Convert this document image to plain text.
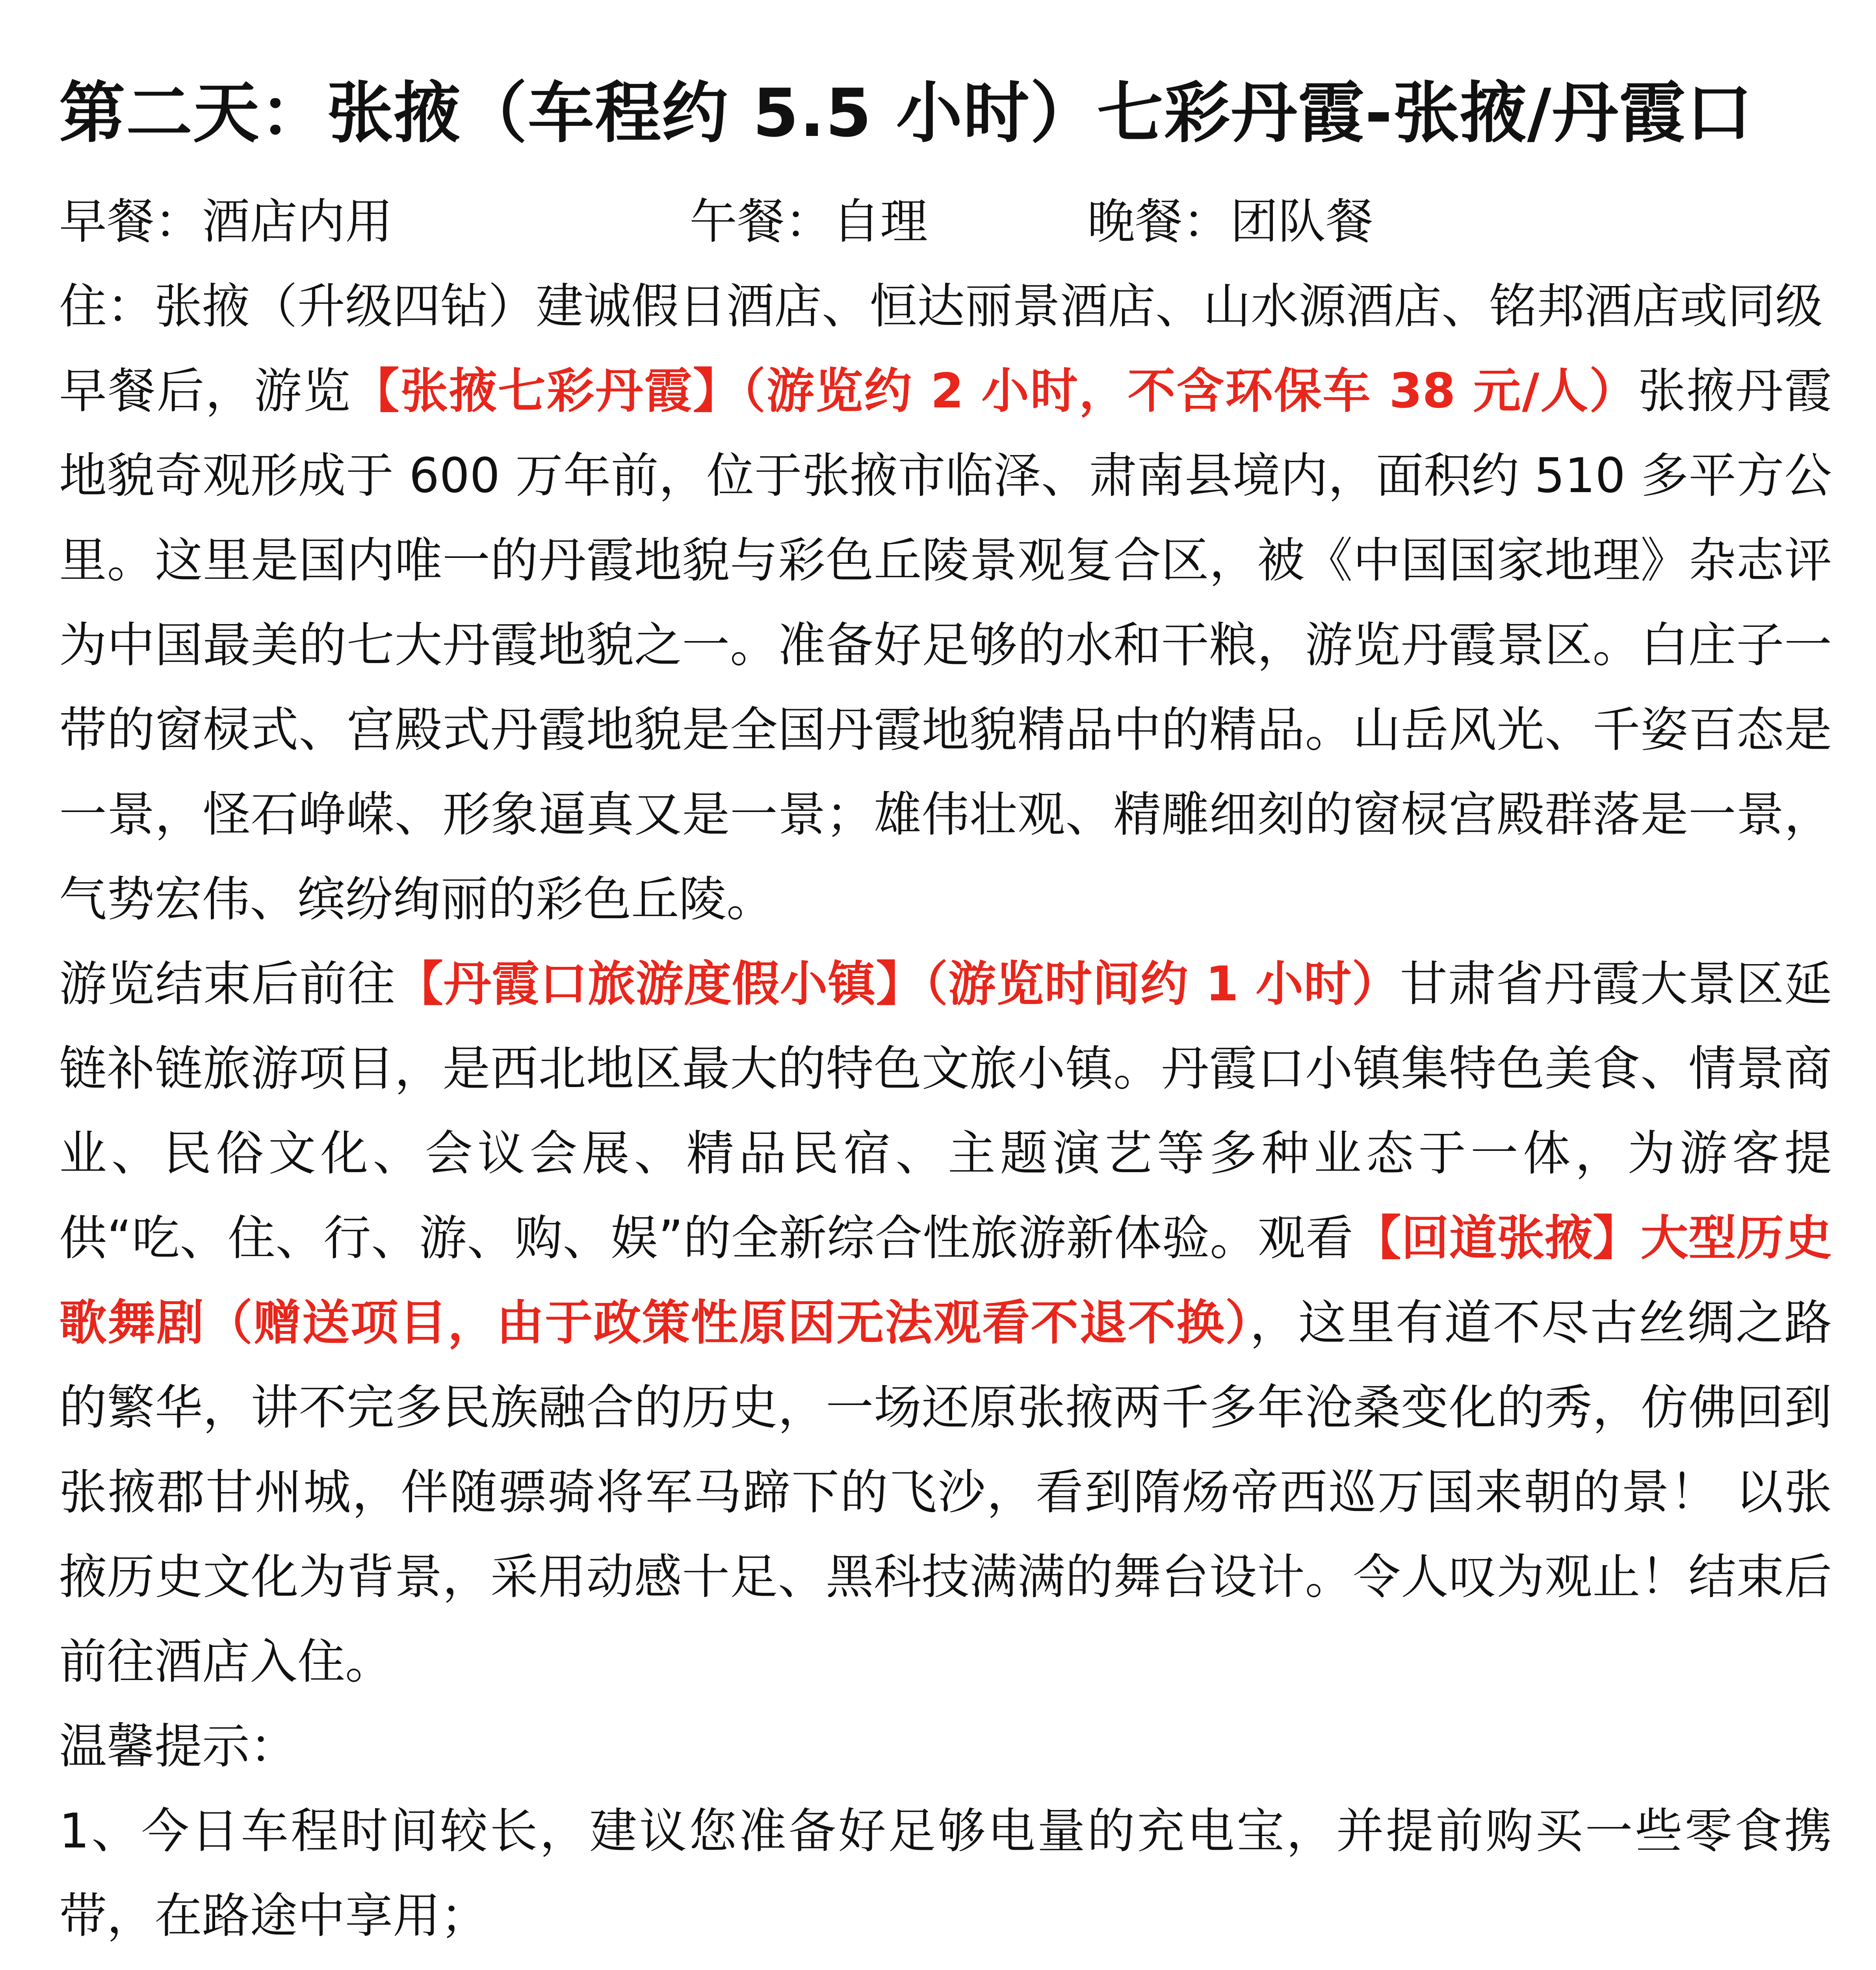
第二天：张掖（车程约 5.5 小时）七彩丹霞-张掖/丹霞口
早餐：酒店内用	午餐：自理	晚餐：团队餐

住：张掖（升级四钻）建诚假日酒店、恒达丽景酒店、山水源酒店、铭邦酒店或同级

早餐后，游览【张掖七彩丹霞】（游览约 2 小时，不含环保车 38 元/人）张掖丹霞地貌奇观形成于 600 万年前，位于张掖市临泽、肃南县境内，面积约 510 多平方公里。这里是国内唯一的丹霞地貌与彩色丘陵景观复合区，被《中国国家地理》杂志评为中国最美的七大丹霞地貌之一。准备好足够的水和干粮，游览丹霞景区。白庄子一带的窗棂式、宫殿式丹霞地貌是全国丹霞地貌精品中的精品。山岳风光、千姿百态是一景，怪石峥嵘、形象逼真又是一景；雄伟壮观、精雕细刻的窗棂宫殿群落是一景，气势宏伟、缤纷绚丽的彩色丘陵。

游览结束后前往【丹霞口旅游度假小镇】（游览时间约 1 小时）甘肃省丹霞大景区延链补链旅游项目，是西北地区最大的特色文旅小镇。丹霞口小镇集特色美食、情景商业、民俗文化、会议会展、精品民宿、主题演艺等多种业态于一体，为游客提供“吃、住、行、游、购、娱”的全新综合性旅游新体验。观看【回道张掖】大型历史歌舞剧（赠送项目，由于政策性原因无法观看不退不换），这里有道不尽古丝绸之路的繁华，讲不完多民族融合的历史，一场还原张掖两千多年沧桑变化的秀，仿佛回到张掖郡甘州城，伴随骠骑将军马蹄下的飞沙，看到隋炀帝西巡万国来朝的景！ 以张掖历史文化为背景，采用动感十足、黑科技满满的舞台设计。令人叹为观止！结束后前往酒店入住。

温馨提示：

1、今日车程时间较长，建议您准备好足够电量的充电宝，并提前购买一些零食携带，在路途中享用；
